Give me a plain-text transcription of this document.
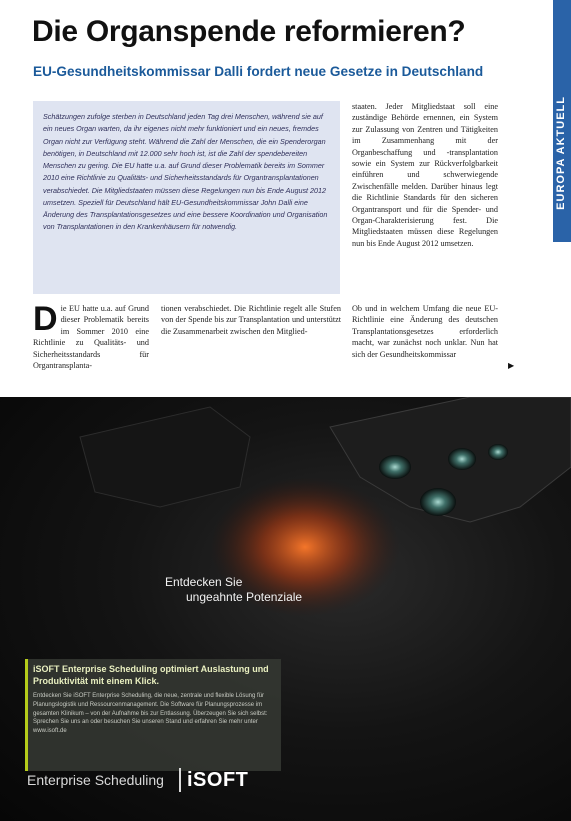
EUROPA AKTUELL
Die Organspende reformieren?
EU-Gesundheitskommissar Dalli fordert neue Gesetze in Deutschland

Schätzungen zufolge sterben in Deutschland jeden Tag drei Menschen, während sie auf ein neues Organ warten, da ihr eigenes nicht mehr funktioniert und ein neues, fremdes Organ nicht zur Verfügung steht. Während die Zahl der Menschen, die ein Spenderorgan benötigen, in Deutschland mit 12.000 sehr hoch ist, ist die Zahl der spendebereiten Menschen zu gering. Die EU hatte u.a. auf Grund dieser Problematik bereits im Sommer 2010 eine Richtlinie zu Qualitäts- und Sicherheitsstandards für Organtransplantationen verabschiedet. Die Mitgliedstaaten müssen diese Regelungen nun bis Ende August 2012 umsetzen. Speziell für Deutschland hält EU-Gesundheitskommissar John Dalli eine Änderung des Transplantationsgesetzes und eine bessere Koordination und Organisation von Transplantationen in den Krankenhäusern für notwendig.

staaten. Jeder Mitgliedstaat soll eine zuständige Behörde ernennen, ein System zur Zulassung von Zentren und Tätigkeiten im Zusammenhang mit der Organbeschaffung und -transplantation sowie ein System zur Rückverfolgbarkeit einführen und schwerwiegende Zwischenfälle melden. Darüber hinaus legt die Richtlinie Standards für den sicheren Organtransport und für die Spender- und Organ-Charakterisierung fest. Die Mitgliedstaaten müssen diese Regelungen nun bis Ende August 2012 umsetzen.

Die EU hatte u.a. auf Grund dieser Problematik bereits im Sommer 2010 eine Richtlinie zu Qualitäts- und Sicherheitsstandards für Organtransplanta-

tionen verabschiedet. Die Richtlinie regelt alle Stufen von der Spende bis zur Transplantation und unterstützt die Zusammenarbeit zwischen den Mitglied-

Ob und in welchem Umfang die neue EU-Richtlinie eine Änderung des deutschen Transplantationsgesetzes erforderlich macht, war zunächst noch unklar. Nun hat sich der Gesundheitskommissar

▶

Entdecken Sie

ungeahnte Potenziale

iSOFT Enterprise Scheduling optimiert Auslastung und Produktivität mit einem Klick.

Entdecken Sie iSOFT Enterprise Scheduling, die neue, zentrale und flexible Lösung für Planungslogistik und Ressourcenmanagement. Die Software für Planungsprozesse im gesamten Klinikum – von der Aufnahme bis zur Entlassung. Überzeugen Sie sich selbst: Sprechen Sie uns an oder besuchen Sie unseren Stand und erfahren Sie mehr unter www.isoft.de

Enterprise Scheduling iSOFT
